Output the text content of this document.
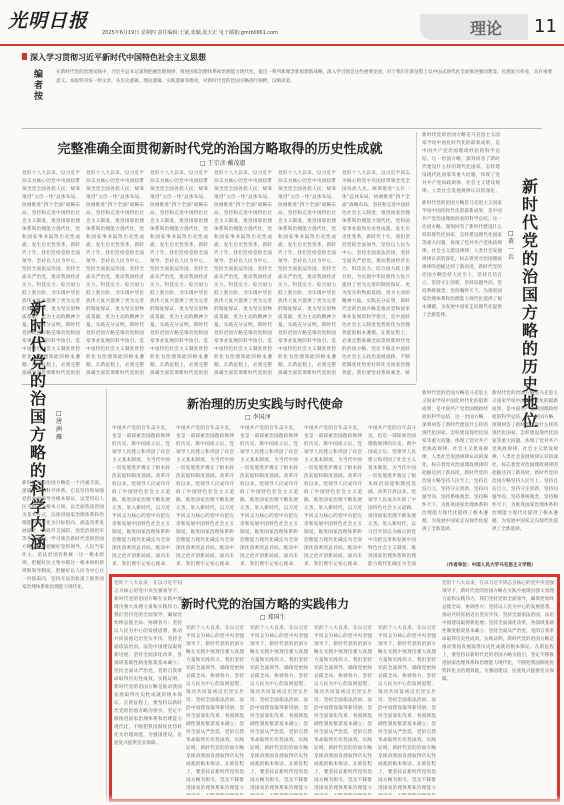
光明日报
2025年6月19日 星期四 责任编辑:王斌,张颖,夏天正 电子邮箱:gmrbllll61.com	理论 11
深入学习贯彻习近平新时代中国特色社会主义思想
编者按
在新时代党的治理实践中，习近平总书记深刻把握治理规律，推进国家治理体系和治理能力现代化，提出一系列新理念新思想新战略。深入学习领会这些重要论述，对于我们在新征程上以中国式现代化全面推进强国建设、民族复兴伟业，具有重要意义。本版特刊发一组文章，从历史逻辑、理论逻辑、实践逻辑等维度，对新时代党的治国方略进行阐释，以飨读者。
完整准确全面贯彻新时代党的治国方略取得的历史性成就
□ 王宗彦·戴茂惠
党的十八大以来，以习近平同志为核心的党中央团结带领全党全国各族人民，统筹推进“五位一体”总体布局，协调推进“四个全面”战略布局，坚持和完善中国特色社会主义制度，推进国家治理体系和治理能力现代化，党和国家事业取得历史性成就、发生历史性变革。新时代十年，我们坚持党的全面领导，坚持以人民为中心，坚持全面依法治国，坚持全面从严治党，推动我国经济实力、科技实力、综合国力跃上新台阶，为实现中华民族伟大复兴提供了更为完善的制度保证、更为坚实的物质基础、更为主动的精神力量。实践充分证明，新时代党的治国方略是推动党和国家事业发展的科学指引，是中国特色社会主义制度优势转化为治理效能的根本遵循。在新征程上，必须完整准确全面贯彻新时代党的治
党的十八大以来，以习近平同志为核心的党中央团结带领全党全国各族人民，统筹推进“五位一体”总体布局，协调推进“四个全面”战略布局，坚持和完善中国特色社会主义制度，推进国家治理体系和治理能力现代化，党和国家事业取得历史性成就、发生历史性变革。新时代十年，我们坚持党的全面领导，坚持以人民为中心，坚持全面依法治国，坚持全面从严治党，推动我国经济实力、科技实力、综合国力跃上新台阶，为实现中华民族伟大复兴提供了更为完善的制度保证、更为坚实的物质基础、更为主动的精神力量。实践充分证明，新时代党的治国方略是推动党和国家事业发展的科学指引，是中国特色社会主义制度优势转化为治理效能的根本遵循。在新征程上，必须完整准确全面贯彻新时代党的治
党的十八大以来，以习近平同志为核心的党中央团结带领全党全国各族人民，统筹推进“五位一体”总体布局，协调推进“四个全面”战略布局，坚持和完善中国特色社会主义制度，推进国家治理体系和治理能力现代化，党和国家事业取得历史性成就、发生历史性变革。新时代十年，我们坚持党的全面领导，坚持以人民为中心，坚持全面依法治国，坚持全面从严治党，推动我国经济实力、科技实力、综合国力跃上新台阶，为实现中华民族伟大复兴提供了更为完善的制度保证、更为坚实的物质基础、更为主动的精神力量。实践充分证明，新时代党的治国方略是推动党和国家事业发展的科学指引，是中国特色社会主义制度优势转化为治理效能的根本遵循。在新征程上，必须完整准确全面贯彻新时代党的治
党的十八大以来，以习近平同志为核心的党中央团结带领全党全国各族人民，统筹推进“五位一体”总体布局，协调推进“四个全面”战略布局，坚持和完善中国特色社会主义制度，推进国家治理体系和治理能力现代化，党和国家事业取得历史性成就、发生历史性变革。新时代十年，我们坚持党的全面领导，坚持以人民为中心，坚持全面依法治国，坚持全面从严治党，推动我国经济实力、科技实力、综合国力跃上新台阶，为实现中华民族伟大复兴提供了更为完善的制度保证、更为坚实的物质基础、更为主动的精神力量。实践充分证明，新时代党的治国方略是推动党和国家事业发展的科学指引，是中国特色社会主义制度优势转化为治理效能的根本遵循。在新征程上，必须完整准确全面贯彻新时代党的治
党的十八大以来，以习近平同志为核心的党中央团结带领全党全国各族人民，统筹推进“五位一体”总体布局，协调推进“四个全面”战略布局，坚持和完善中国特色社会主义制度，推进国家治理体系和治理能力现代化，党和国家事业取得历史性成就、发生历史性变革。新时代十年，我们坚持党的全面领导，坚持以人民为中心，坚持全面依法治国，坚持全面从严治党，推动我国经济实力、科技实力、综合国力跃上新台阶，为实现中华民族伟大复兴提供了更为完善的制度保证、更为坚实的物质基础、更为主动的精神力量。实践充分证明，新时代党的治国方略是推动党和国家事业发展的科学指引，是中国特色社会主义制度优势转化为治理效能的根本遵循。在新征程上，必须完整准确全面贯彻新时代党的治
党的十八大以来，以习近平同志为核心的党中央团结带领全党全国各族人民，统筹推进“五位一体”总体布局，协调推进“四个全面”战略布局，坚持和完善中国特色社会主义制度，推进国家治理体系和治理能力现代化，党和国家事业取得历史性成就、发生历史性变革。新时代十年，我们坚持党的全面领导，坚持以人民为中心，坚持全面依法治国，坚持全面从严治党，推动我国经济实力、科技实力、综合国力跃上新台阶，为实现中华民族伟大复兴提供了更为完善的制度保证、更为坚实的物质基础、更为主动的精神力量。实践充分证明，新时代党的治国方略是推动党和国家事业发展的科学指引，是中国特色社会主义制度优势转化为治理效能的根本遵循。在新征程上，必须完整准确全面贯彻新时代党的治国方略，坚定不移走中国特色社会主义政治发展道路，不断把制度优势更好转化为国家治理效能。我们要坚持系统观念，统
新时代党的治国方略是马克思主义国家学说中国化时代化的最新成果，是中国共产党治国理政经验的科学总结。这一治国方略，深刻回答了新时代建设什么样的现代化国家、怎样建设现代化国家等重大问题，体现了党对共产党执政规律、社会主义建设规律、人类社会发展规律认识的深化， 新时代党的治国方略的历史地位
□ 黄 一 兵
新时代党的治国方略是马克思主义国家学说中国化时代化的最新成果，是中国共产党治国理政经验的科学总结。这一治国方略，深刻回答了新时代建设什么样的现代化国家、怎样建设现代化国家等重大问题，体现了党对共产党执政规律、社会主义建设规律、人类社会发展规律认识的深化，标志着党对治国理政规律的把握达到了新高度。新时代党的治国方略坚持人民至上，坚持自信自立，坚持守正创新，坚持问题导向，坚持系统观念，坚持胸怀天下，为推进国家治理体系和治理能力现代化提供了根本遵循，为发展中国家走向现代化提供了全新选择。
新时代党的治国方略是马克思主义国家学说中国化时代化的最新成果，是中国共产党治国理政经验的科学总结。这一治国方略，深刻回答了新时代建设什么样的现代化国家、怎样建设现代化国家等重大问题，体现了党对共产党执政规律、社会主义建设规律、人类社会发展规律认识的深化，标志着党对治国理政规律的把握达到了新高度。新时代党的治国方略坚持人民至上，坚持自信自立，坚持守正创新，坚持问题导向，坚持系统观念，坚持胸怀天下，为推进国家治理体系和治理能力现代化提供了根本遵循，为发展中国家走向现代化提供了全新选择。
新时代党的治国方略是马克思主义国家学说中国化时代化的最新成果，是中国共产党治国理政经验的科学总结。这一治国方略，深刻回答了新时代建设什么样的现代化国家、怎样建设现代化国家等重大问题，体现了党对共产党执政规律、社会主义建设规律、人类社会发展规律认识的深化，标志着党对治国理政规律的把握达到了新高度。新时代党的治国方略坚持人民至上，坚持自信自立，坚持守正创新，坚持问题导向，坚持系统观念，坚持胸怀天下，为推进国家治理体系和治理能力现代化提供了根本遵循，为发展中国家走向现代化提供了全新选择。
（作者单位：中国人民大学马克思主义学院）
新时代党的治国方略的科学内涵
□ 唐洲雁
新时代党的治国方略是一个内涵丰富、逻辑严密的科学体系。它以坚持和加强党的全面领导为根本保证，以坚持以人民为中心为根本立场，以全面依法治国为基本方式，以推进国家治理体系和治理能力现代化为目标指向，涵盖改革发展稳定、内政外交国防、治党治国治军等各个方面。学习领会新时代党的治国方略，必须把握好党的领导、人民当家作主、依法治国有机统一这一根本原则，把握好民主集中制这一根本组织原则和领导制度，把握好以人民为中心这一价值取向，坚持在法治轨道上推进国家治理体系和治理能力现代化。
新治理的历史实践与时代使命
□ 李国泽
中国共产党的百年奋斗史，也是一部探索治国理政规律的历史。新中国成立后，党领导人民建立和巩固了社会主义基本制度，为当代中国一切发展进步奠定了根本政治前提和制度基础。改革开放以来，党领导人民成功开辟了中国特色社会主义道路，推进国家治理不断发展完善。进入新时代，以习近平同志为核心的党中央把完善和发展中国特色社会主义制度、推进国家治理体系和治理能力现代化确定为全面深化改革的总目标，推动中国之治开创新局面。面向未来，我们要牢记初心使命，
中国共产党的百年奋斗史，也是一部探索治国理政规律的历史。新中国成立后，党领导人民建立和巩固了社会主义基本制度，为当代中国一切发展进步奠定了根本政治前提和制度基础。改革开放以来，党领导人民成功开辟了中国特色社会主义道路，推进国家治理不断发展完善。进入新时代，以习近平同志为核心的党中央把完善和发展中国特色社会主义制度、推进国家治理体系和治理能力现代化确定为全面深化改革的总目标，推动中国之治开创新局面。面向未来，我们要牢记初心使命，
中国共产党的百年奋斗史，也是一部探索治国理政规律的历史。新中国成立后，党领导人民建立和巩固了社会主义基本制度，为当代中国一切发展进步奠定了根本政治前提和制度基础。改革开放以来，党领导人民成功开辟了中国特色社会主义道路，推进国家治理不断发展完善。进入新时代，以习近平同志为核心的党中央把完善和发展中国特色社会主义制度、推进国家治理体系和治理能力现代化确定为全面深化改革的总目标，推动中国之治开创新局面。面向未来，我们要牢记初心使命，
中国共产党的百年奋斗史，也是一部探索治国理政规律的历史。新中国成立后，党领导人民建立和巩固了社会主义基本制度，为当代中国一切发展进步奠定了根本政治前提和制度基础。改革开放以来，党领导人民成功开辟了中国特色社会主义道路，推进国家治理不断发展完善。进入新时代，以习近平同志为核心的党中央把完善和发展中国特色社会主义制度、推进国家治理体系和治理能力现代化确定为全面深化改革的总目标，推动中国之治开创新局面。面向未来，我们要牢记初心使命，
中国共产党的百年奋斗史，也是一部探索治国理政规律的历史。新中国成立后，党领导人民建立和巩固了社会主义基本制度，为当代中国一切发展进步奠定了根本政治前提和制度基础。改革开放以来，党领导人民成功开辟了中国特色社会主义道路，推进国家治理不断发展完善。进入新时代，以习近平同志为核心的党中央把完善和发展中国特色社会主义制度、推进国家治理体系和治理能力现代化确定为全面
党的十八大以来，在以习近平同志为核心的党中央坚强领导下，新时代党的治国方略在实践中展现出强大真理力量和实践伟力。我们坚持党的全面领导，确保党始终总揽全局、协调各方；坚持以人民为中心的发展思想，推动共同富裕迈出坚实步伐；坚持全面依法治国，法治中国建设取得新进展；坚持全面深化改革，各领域基础性制度框架基本确立；坚持全面从严治党，党的自我革命取得历史性成效。实践证明，新时代党的治国方略是推动我国发展取得历史性成就的根本保证。在新征程上，要坚持以新时代党的治国方略为指引，坚定不移推进国家治理体系和治理能力现代化，不断把我国制度优势转化为治理效能，为强国建设、民族复兴提供坚实保障。
新时代党的治国方略的实践伟力
□ 郑国生
党的十八大以来，在以习近平同志为核心的党中央坚强领导下，新时代党的治国方略在实践中展现出强大真理力量和实践伟力。我们坚持党的全面领导，确保党始终总揽全局、协调各方；坚持以人民为中心的发展思想，推动共同富裕迈出坚实步伐；坚持全面依法治国，法治中国建设取得新进展；坚持全面深化改革，各领域基础性制度框架基本确立；坚持全面从严治党，党的自我革命取得历史性成效。实践证明，新时代党的治国方略是推动我国发展取得历史性成就的根本保证。在新征程上，要坚持以新时代党的治国方略为指引，坚定不移推进国家治理体系和治理能力
党的十八大以来，在以习近平同志为核心的党中央坚强领导下，新时代党的治国方略在实践中展现出强大真理力量和实践伟力。我们坚持党的全面领导，确保党始终总揽全局、协调各方；坚持以人民为中心的发展思想，推动共同富裕迈出坚实步伐；坚持全面依法治国，法治中国建设取得新进展；坚持全面深化改革，各领域基础性制度框架基本确立；坚持全面从严治党，党的自我革命取得历史性成效。实践证明，新时代党的治国方略是推动我国发展取得历史性成就的根本保证。在新征程上，要坚持以新时代党的治国方略为指引，坚定不移推进国家治理体系和治理能力
党的十八大以来，在以习近平同志为核心的党中央坚强领导下，新时代党的治国方略在实践中展现出强大真理力量和实践伟力。我们坚持党的全面领导，确保党始终总揽全局、协调各方；坚持以人民为中心的发展思想，推动共同富裕迈出坚实步伐；坚持全面依法治国，法治中国建设取得新进展；坚持全面深化改革，各领域基础性制度框架基本确立；坚持全面从严治党，党的自我革命取得历史性成效。实践证明，新时代党的治国方略是推动我国发展取得历史性成就的根本保证。在新征程上，要坚持以新时代党的治国方略为指引，坚定不移推进国家治理体系和治理能力
党的十八大以来，在以习近平同志为核心的党中央坚强领导下，新时代党的治国方略在实践中展现出强大真理力量和实践伟力。我们坚持党的全面领导，确保党始终总揽全局、协调各方；坚持以人民为中心的发展思想，推动共同富裕迈出坚实步伐；坚持全面依法治国，法治中国建设取得新进展；坚持全面深化改革，各领域基础性制度框架基本确立；坚持全面从严治党，党的自我革命取得历史性成效。实践证明，新时代党的治国方略是推动我国发展取得历史性成就的根本保证。在新征程上，要坚持以新时代党的治国方略为指引，坚定不移推进国家治理体系和治理能力
党的十八大以来，在以习近平同志为核心的党中央坚强领导下，新时代党的治国方略在实践中展现出强大真理力量和实践伟力。我们坚持党的全面领导，确保党始终总揽全局、协调各方；坚持以人民为中心的发展思想，推动共同富裕迈出坚实步伐；坚持全面依法治国，法治中国建设取得新进展；坚持全面深化改革，各领域基础性制度框架基本确立；坚持全面从严治党，党的自我革命取得历史性成效。实践证明，新时代党的治国方略是推动我国发展取得历史性成就的根本保证。在新征程上，要坚持以新时代党的治国方略为指引，坚定不移推进国家治理体系和治理能力现代化，不断把我国制度优势转化为治理效能，为强国建设、民族复兴提供坚实保障。
